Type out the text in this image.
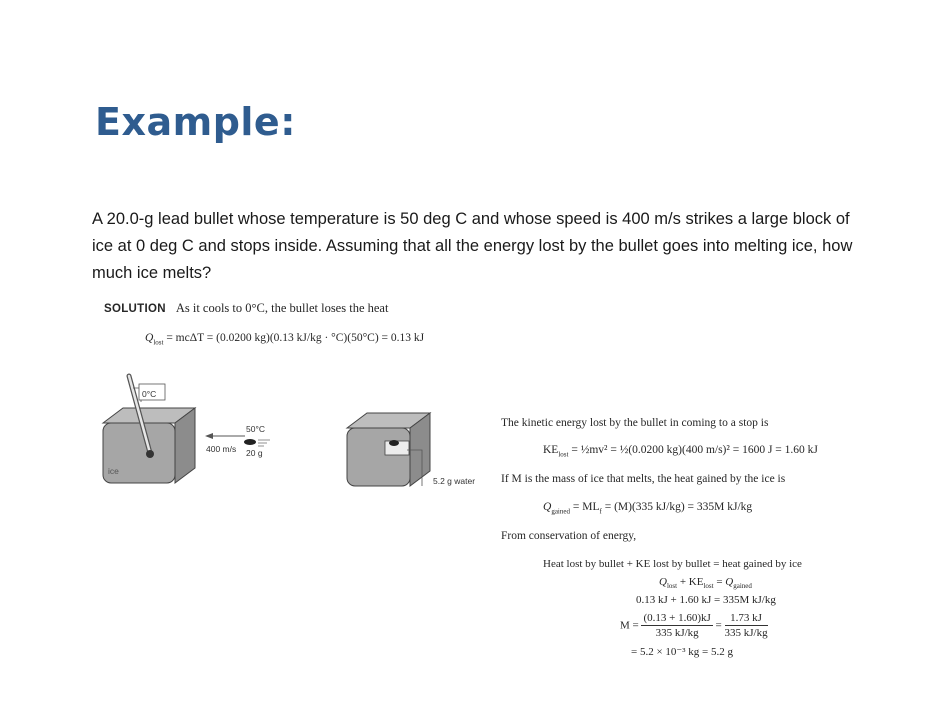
Example:
A 20.0-g lead bullet whose temperature is 50 deg C and whose speed is 400 m/s strikes a large block of
ice at 0 deg C and stops inside. Assuming that all the energy lost by the bullet goes into melting ice, how
much ice melts?
SOLUTION As it cools to 0°C, the bullet loses the heat
$Q_{lost} = mc\Delta T = (0.0200$ kg)(0.13 kJ/kg · °C)(50°C) = 0.13 kJ
0°C
ice
50°C
400 m/s 20 g
5.2 g water
The kinetic energy lost by the bullet in coming to a stop is
$KE_{lost}$ = ½mv² = ½(0.0200 kg)(400 m/s)² = 1600 J = 1.60 kJ
If M is the mass of ice that melts, the heat gained by the ice is
$Q_{gained} = ML_f = (M)(335$ kJ/kg) = 335M kJ/kg
From conservation of energy,
Heat lost by bullet + KE lost by bullet = heat gained by ice
$Q_{lost} + KE_{lost} = Q_{gained}$
0.13 kJ + 1.60 kJ = 335M kJ/kg
$M = \frac{(0.13 + 1.60)kJ}{335 kJ/kg} = \frac{1.73 kJ}{335 kJ/kg}$
= 5.2 × 10⁻³ kg = 5.2 g
